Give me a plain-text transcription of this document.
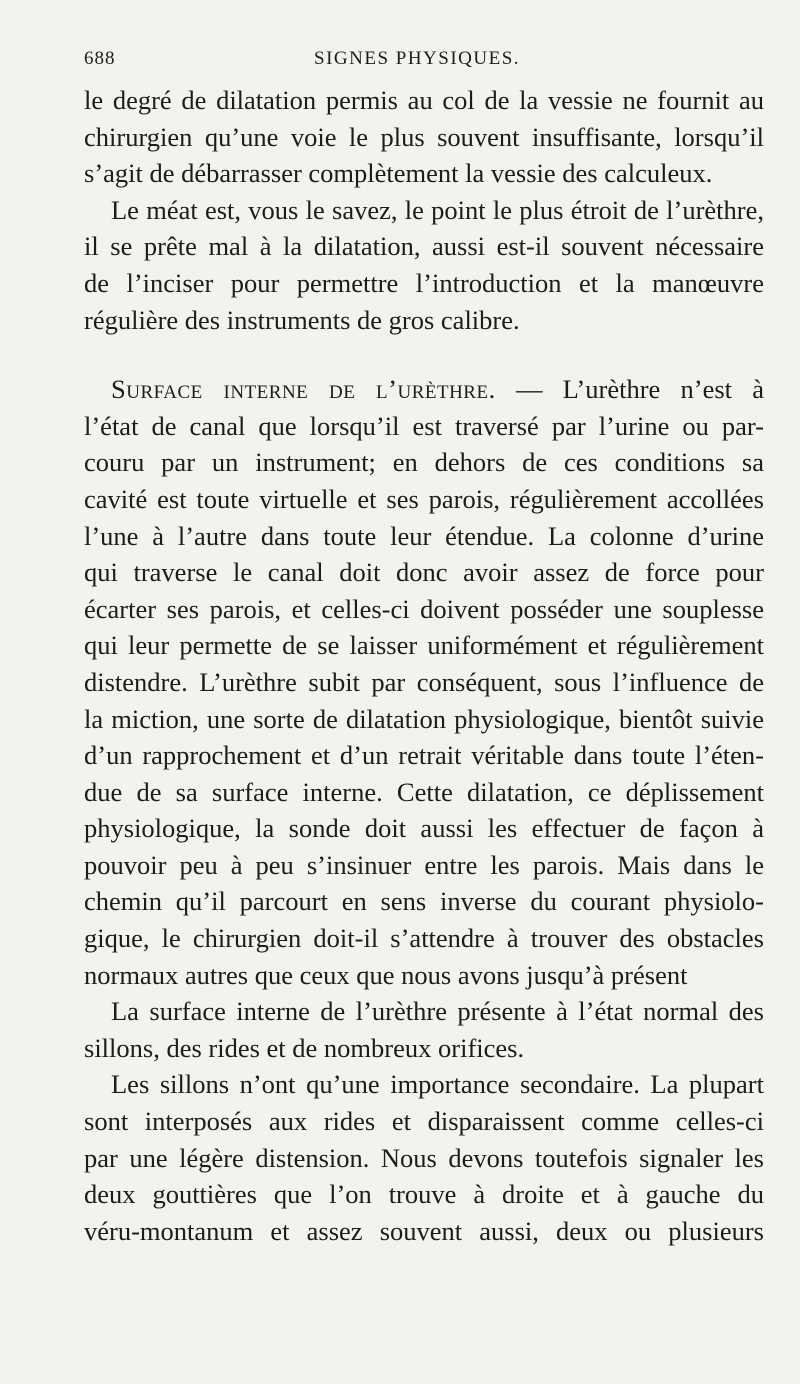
688	SIGNES PHYSIQUES.
le degré de dilatation permis au col de la vessie ne fournit au
chirurgien qu’une voie le plus souvent insuffisante, lorsqu’il
s’agit de débarrasser complètement la vessie des calculeux.
Le méat est, vous le savez, le point le plus étroit de l’urèthre,
il se prête mal à la dilatation, aussi est-il souvent nécessaire
de l’inciser pour permettre l’introduction et la manœuvre
régulière des instruments de gros calibre.
Surface interne de l’urèthre. — L’urèthre n’est à
l’état de canal que lorsqu’il est traversé par l’urine ou par-
couru par un instrument; en dehors de ces conditions sa
cavité est toute virtuelle et ses parois, régulièrement accollées
l’une à l’autre dans toute leur étendue. La colonne d’urine
qui traverse le canal doit donc avoir assez de force pour
écarter ses parois, et celles-ci doivent posséder une souplesse
qui leur permette de se laisser uniformément et régulièrement
distendre. L’urèthre subit par conséquent, sous l’influence de
la miction, une sorte de dilatation physiologique, bientôt suivie
d’un rapprochement et d’un retrait véritable dans toute l’éten-
due de sa surface interne. Cette dilatation, ce déplissement
physiologique, la sonde doit aussi les effectuer de façon à
pouvoir peu à peu s’insinuer entre les parois. Mais dans le
chemin qu’il parcourt en sens inverse du courant physiolo-
gique, le chirurgien doit-il s’attendre à trouver des obstacles
normaux autres que ceux que nous avons jusqu’à présent
La surface interne de l’urèthre présente à l’état normal des
sillons, des rides et de nombreux orifices.
Les sillons n’ont qu’une importance secondaire. La plupart
sont interposés aux rides et disparaissent comme celles-ci
par une légère distension. Nous devons toutefois signaler les
deux gouttières que l’on trouve à droite et à gauche du
véru-montanum et assez souvent aussi, deux ou plusieurs
